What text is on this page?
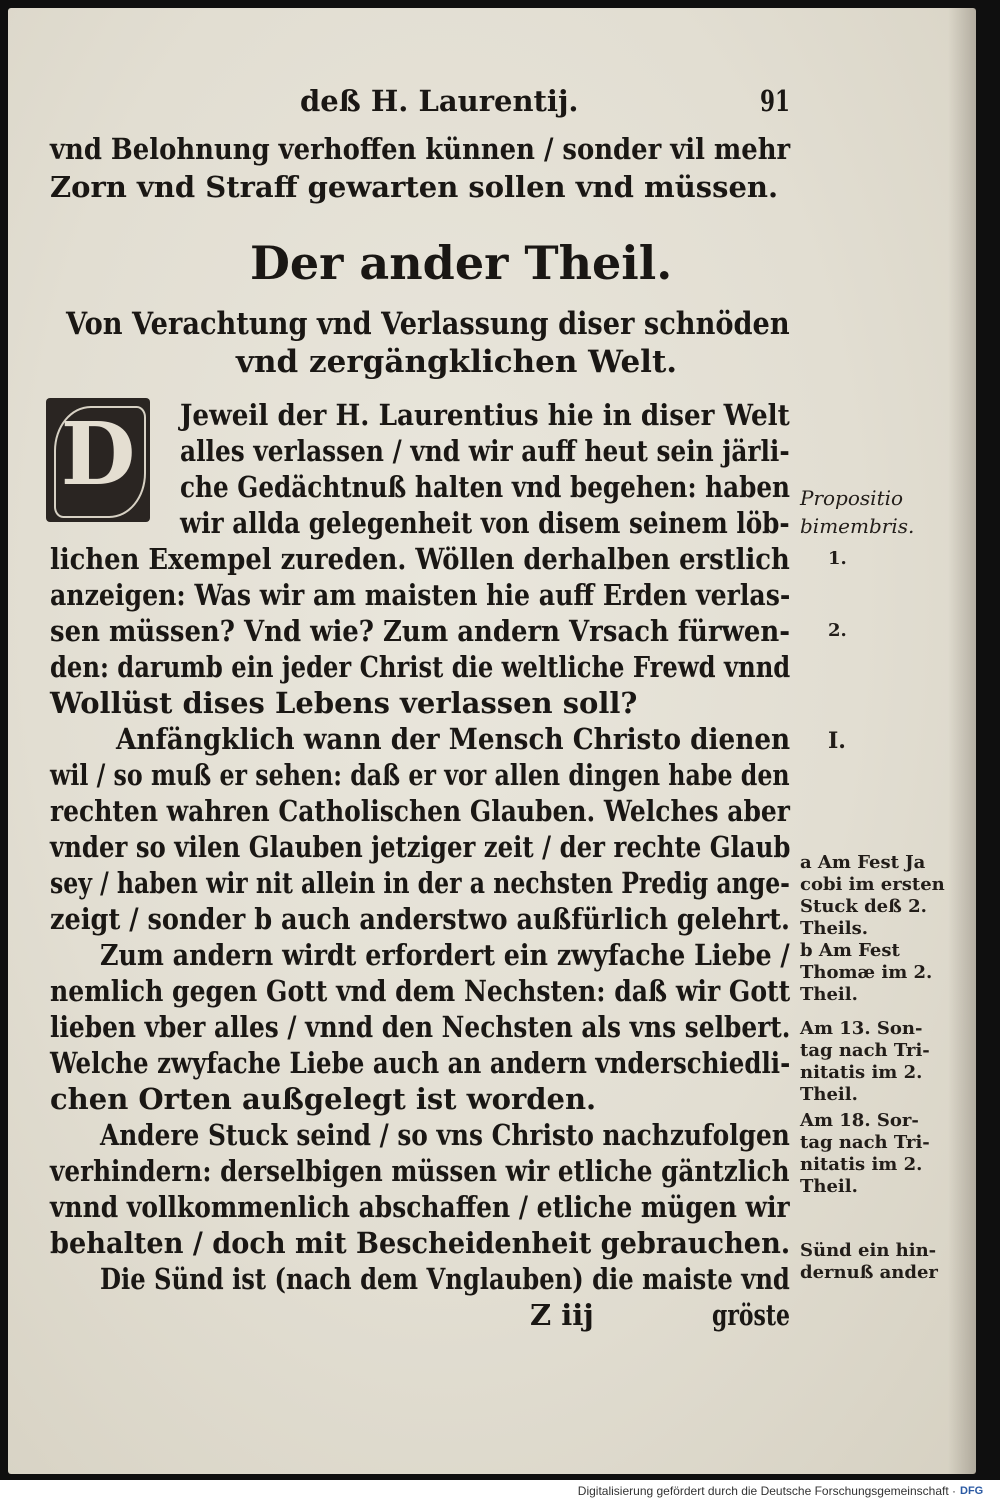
deß H. Laurentij.	91
vnd Belohnung verhoffen künnen / sonder vil mehr
Zorn vnd Straff gewarten sollen vnd müssen.
Der ander Theil.
Von Verachtung vnd Verlassung diser schnöden
vnd zergängklichen Welt.
D	Jeweil der H. Laurentius hie in diser Welt
alles verlassen / vnd wir auff heut sein järli-
che Gedächtnuß halten vnd begehen: haben
wir allda gelegenheit von disem seinem löb-
lichen Exempel zureden. Wöllen derhalben erstlich
anzeigen: Was wir am maisten hie auff Erden verlas-
sen müssen? Vnd wie? Zum andern Vrsach fürwen-
den: darumb ein jeder Christ die weltliche Frewd vnnd
Wollüst dises Lebens verlassen soll?
Anfängklich wann der Mensch Christo dienen
wil / so muß er sehen: daß er vor allen dingen habe den
rechten wahren Catholischen Glauben. Welches aber
vnder so vilen Glauben jetziger zeit / der rechte Glaub
sey / haben wir nit allein in der a nechsten Predig ange-
zeigt / sonder b auch anderstwo außfürlich gelehrt.
Zum andern wirdt erfordert ein zwyfache Liebe /
nemlich gegen Gott vnd dem Nechsten: daß wir Gott
lieben vber alles / vnnd den Nechsten als vns selbert.
Welche zwyfache Liebe auch an andern vnderschiedli-
chen Orten außgelegt ist worden.
Andere Stuck seind / so vns Christo nachzufolgen
verhindern: derselbigen müssen wir etliche gäntzlich
vnnd vollkommenlich abschaffen / etliche mügen wir
behalten / doch mit Bescheidenheit gebrauchen.
Die Sünd ist (nach dem Vnglauben) die maiste vnd
Z iij	gröste
Propositio
bimembris.
1.
2.
I.
a Am Fest Ja
cobi im ersten
Stuck deß 2.
Theils.
b Am Fest
Thomæ im 2.
Theil.
Am 13. Son-
tag nach Tri-
nitatis im 2.
Theil.
Am 18. Sor-
tag nach Tri-
nitatis im 2.
Theil.
Sünd ein hin-
dernuß ander
Digitalisierung gefördert durch die Deutsche Forschungsgemeinschaft · DFG
